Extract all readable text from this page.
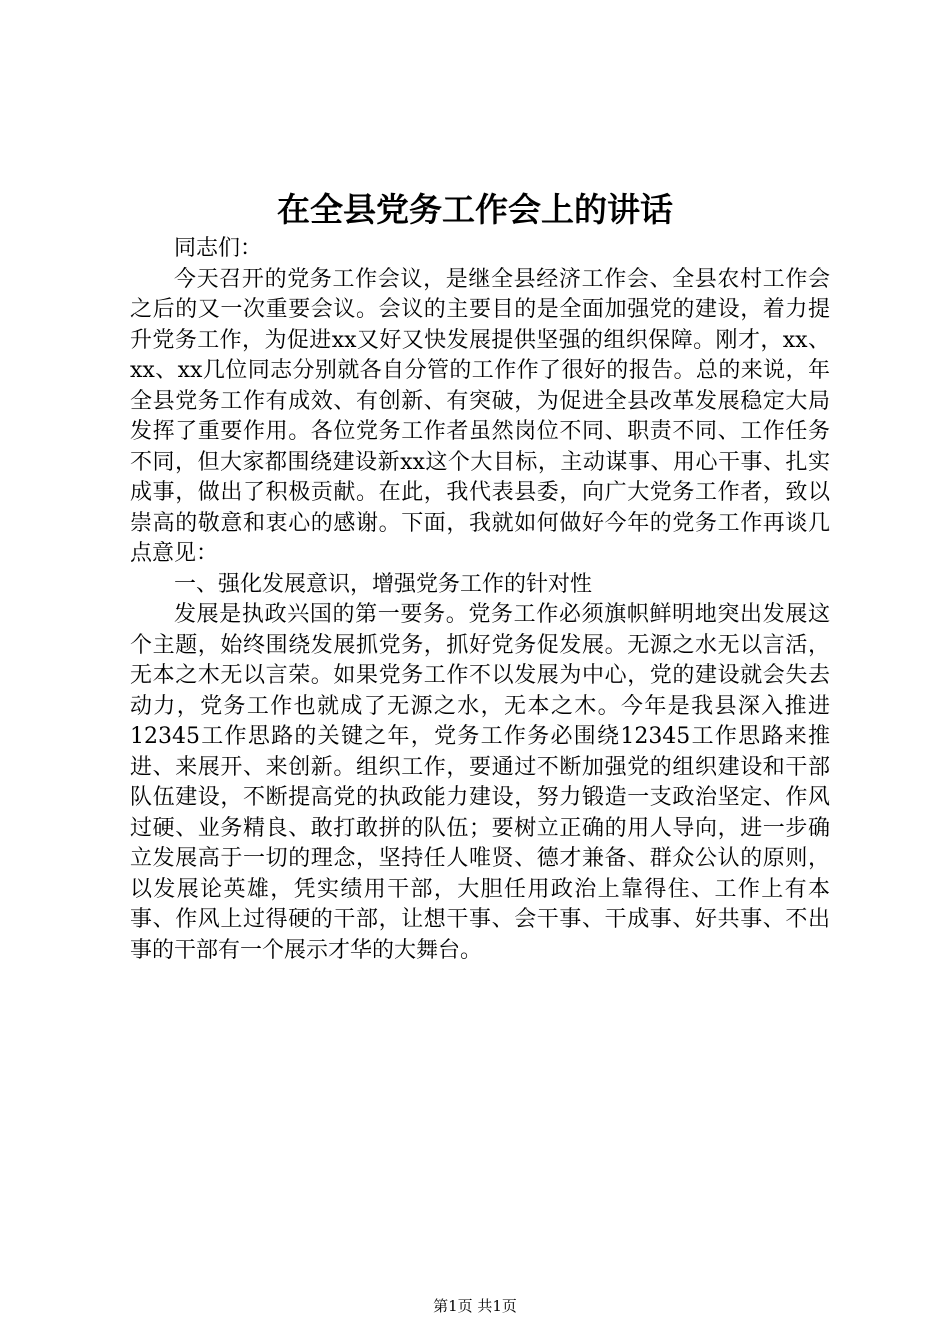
在全县党务工作会上的讲话

同志们：

今天召开的党务工作会议，是继全县经济工作会、全县农村工作会之后的又一次重要会议。会议的主要目的是全面加强党的建设，着力提升党务工作，为促进xx又好又快发展提供坚强的组织保障。刚才，xx、xx、xx几位同志分别就各自分管的工作作了很好的报告。总的来说，年全县党务工作有成效、有创新、有突破，为促进全县改革发展稳定大局发挥了重要作用。各位党务工作者虽然岗位不同、职责不同、工作任务不同，但大家都围绕建设新xx这个大目标，主动谋事、用心干事、扎实成事，做出了积极贡献。在此，我代表县委，向广大党务工作者，致以崇高的敬意和衷心的感谢。下面，我就如何做好今年的党务工作再谈几点意见：

一、强化发展意识，增强党务工作的针对性

发展是执政兴国的第一要务。党务工作必须旗帜鲜明地突出发展这个主题，始终围绕发展抓党务，抓好党务促发展。无源之水无以言活，无本之木无以言荣。如果党务工作不以发展为中心，党的建设就会失去动力，党务工作也就成了无源之水，无本之木。今年是我县深入推进12345工作思路的关键之年，党务工作务必围绕12345工作思路来推进、来展开、来创新。组织工作，要通过不断加强党的组织建设和干部队伍建设，不断提高党的执政能力建设，努力锻造一支政治坚定、作风过硬、业务精良、敢打敢拼的队伍；要树立正确的用人导向，进一步确立发展高于一切的理念，坚持任人唯贤、德才兼备、群众公认的原则，以发展论英雄，凭实绩用干部，大胆任用政治上靠得住、工作上有本事、作风上过得硬的干部，让想干事、会干事、干成事、好共事、不出事的干部有一个展示才华的大舞台。

第1页 共1页
